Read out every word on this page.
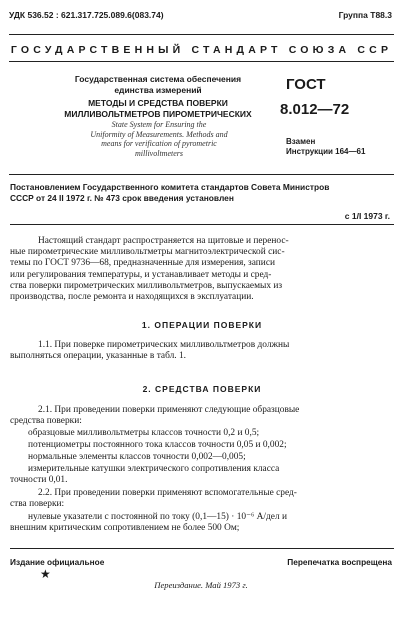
УДК 536.52 : 621.317.725.089.6(083.74)	Группа Т88.3
ГОСУДАРСТВЕННЫЙ СТАНДАРТ СОЮЗА ССР
Государственная система обеспечения
единства измерений
МЕТОДЫ И СРЕДСТВА ПОВЕРКИ
МИЛЛИВОЛЬТМЕТРОВ ПИРОМЕТРИЧЕСКИХ
State System for Ensuring the
Uniformity of Measurements. Methods and
means for verification of pyrometric
millivoltmeters
ГОСТ
8.012—72
Взамен
Инструкции 164—61
Постановлением Государственного комитета стандартов Совета Министров
СССР от 24 II 1972 г. № 473 срок введения установлен
с 1/I 1973 г.
Настоящий стандарт распространяется на щитовые и перенос-
ные пирометрические милливольтметры магнитоэлектрической сис-
темы по ГОСТ 9736—68, предназначенные для измерения, записи
или регулирования температуры, и устанавливает методы и сред-
ства поверки пирометрических милливольтметров, выпускаемых из
производства, после ремонта и находящихся в эксплуатации.
1. ОПЕРАЦИИ ПОВЕРКИ
1.1. При поверке пирометрических милливольтметров должны
выполняться операции, указанные в табл. 1.
2. СРЕДСТВА ПОВЕРКИ
2.1. При проведении поверки применяют следующие образцовые
средства поверки:
образцовые милливольтметры классов точности 0,2 и 0,5;
потенциометры постоянного тока классов точности 0,05 и 0,002;
нормальные элементы классов точности 0,002—0,005;
измерительные катушки электрического сопротивления класса
точности 0,01.
2.2. При проведении поверки применяют вспомогательные сред-
ства поверки:
нулевые указатели с постоянной по току (0,1—15) · 10⁻⁶ А/дел и
внешним критическим сопротивлением не более 500 Ом;
Издание официальное	Перепечатка воспрещена
★
Переиздание. Май 1973 г.
